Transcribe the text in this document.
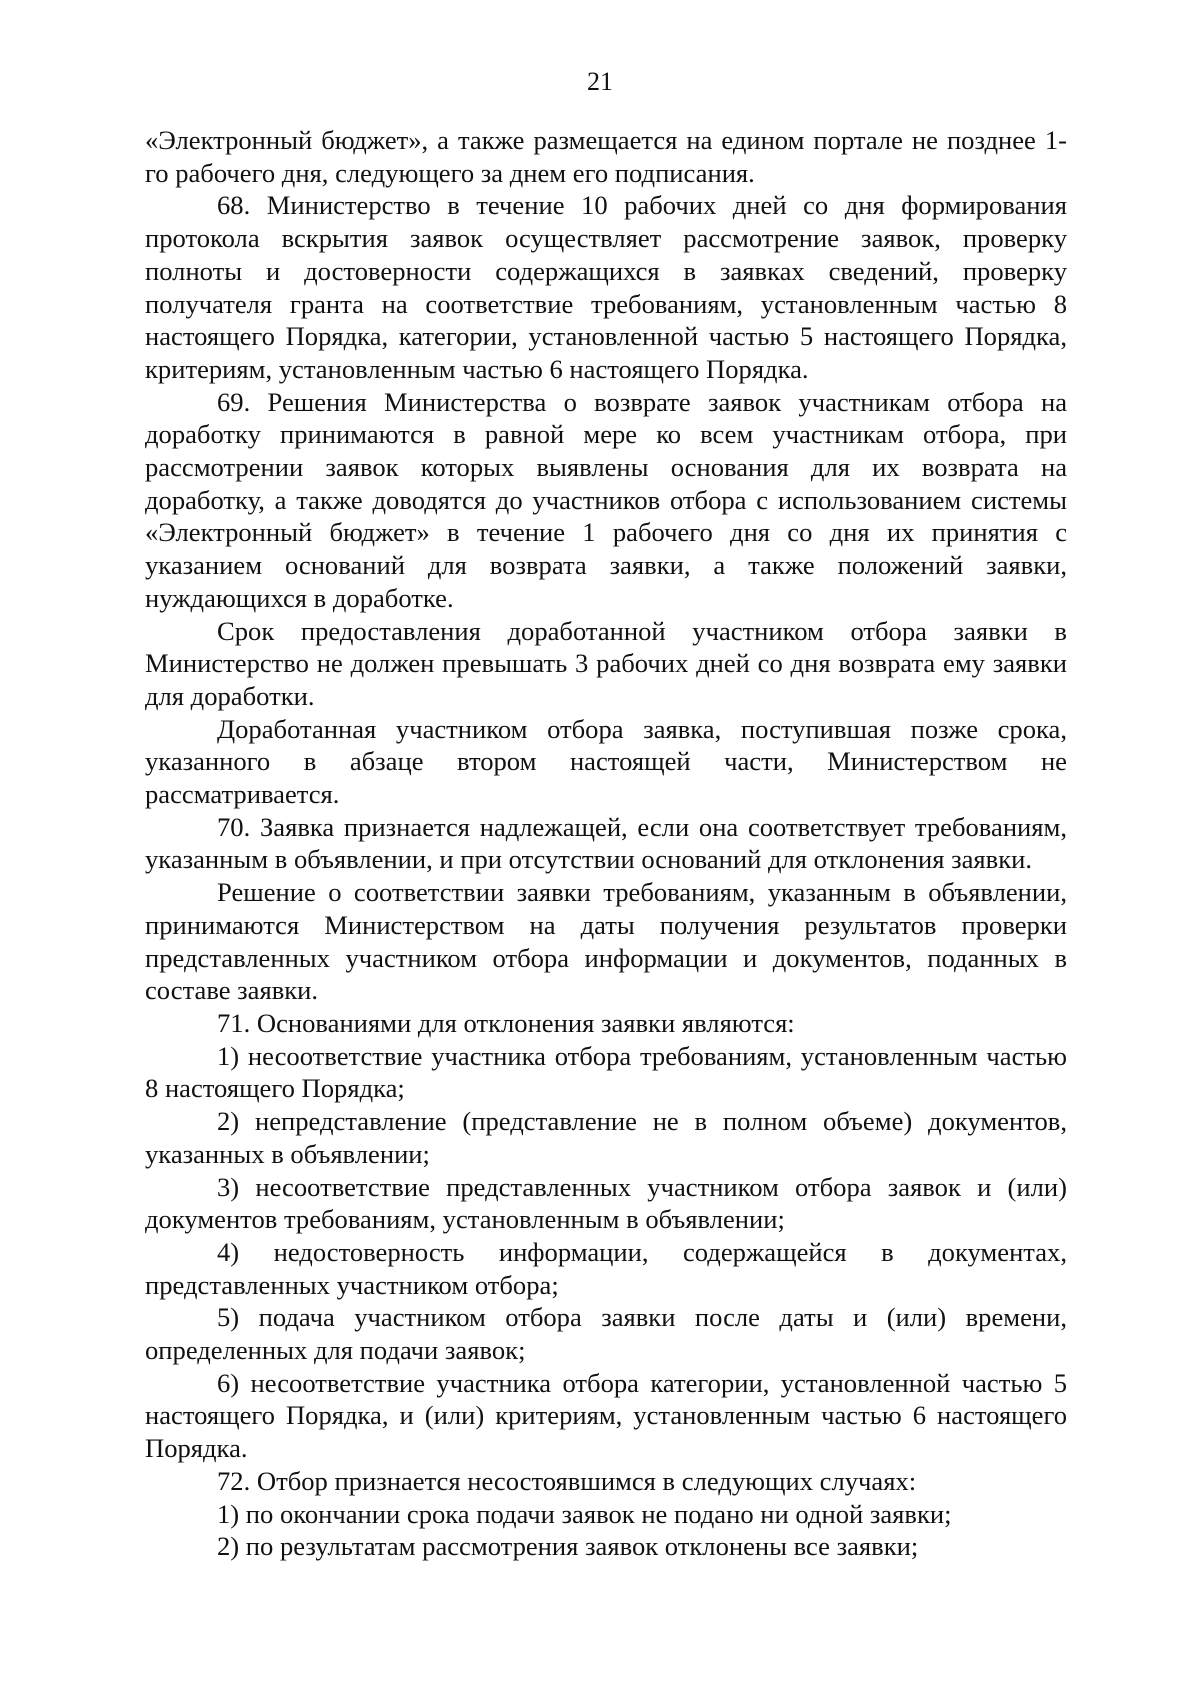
21

«Электронный бюджет», а также размещается на едином портале не позднее 1-го рабочего дня, следующего за днем его подписания.

68. Министерство в течение 10 рабочих дней со дня формирования протокола вскрытия заявок осуществляет рассмотрение заявок, проверку полноты и достоверности содержащихся в заявках сведений, проверку получателя гранта на соответствие требованиям, установленным частью 8 настоящего Порядка, категории, установленной частью 5 настоящего Порядка, критериям, установленным частью 6 настоящего Порядка.

69. Решения Министерства о возврате заявок участникам отбора на доработку принимаются в равной мере ко всем участникам отбора, при рассмотрении заявок которых выявлены основания для их возврата на доработку, а также доводятся до участников отбора с использованием системы «Электронный бюджет» в течение 1 рабочего дня со дня их принятия с указанием оснований для возврата заявки, а также положений заявки, нуждающихся в доработке.

Срок предоставления доработанной участником отбора заявки в Министерство не должен превышать 3 рабочих дней со дня возврата ему заявки для доработки.

Доработанная участником отбора заявка, поступившая позже срока, указанного в абзаце втором настоящей части, Министерством не рассматривается.

70. Заявка признается надлежащей, если она соответствует требованиям, указанным в объявлении, и при отсутствии оснований для отклонения заявки.

Решение о соответствии заявки требованиям, указанным в объявлении, принимаются Министерством на даты получения результатов проверки представленных участником отбора информации и документов, поданных в составе заявки.

71. Основаниями для отклонения заявки являются:

1) несоответствие участника отбора требованиям, установленным частью 8 настоящего Порядка;

2) непредставление (представление не в полном объеме) документов, указанных в объявлении;

3) несоответствие представленных участником отбора заявок и (или) документов требованиям, установленным в объявлении;

4) недостоверность информации, содержащейся в документах, представленных участником отбора;

5) подача участником отбора заявки после даты и (или) времени, определенных для подачи заявок;

6) несоответствие участника отбора категории, установленной частью 5 настоящего Порядка, и (или) критериям, установленным частью 6 настоящего Порядка.

72. Отбор признается несостоявшимся в следующих случаях:

1) по окончании срока подачи заявок не подано ни одной заявки;

2) по результатам рассмотрения заявок отклонены все заявки;
